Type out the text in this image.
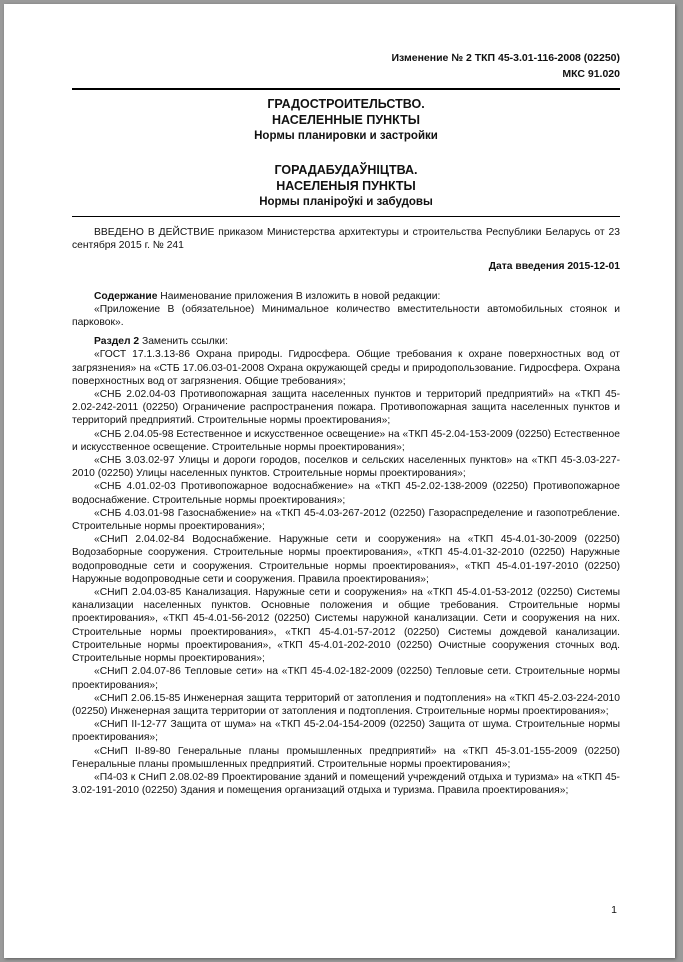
Изменение № 2 ТКП 45-3.01-116-2008 (02250)
МКС 91.020
ГРАДОСТРОИТЕЛЬСТВО.
НАСЕЛЕННЫЕ ПУНКТЫ
Нормы планировки и застройки
ГОРАДАБУДАЎНІЦТВА.
НАСЕЛЕНЫЯ ПУНКТЫ
Нормы планіроўкі и забудовы

ВВЕДЕНО В ДЕЙСТВИЕ приказом Министерства архитектуры и строительства Республики Беларусь от 23 сентября 2015 г. № 241

Дата введения 2015-12-01

Содержание Наименование приложения В изложить в новой редакции:

«Приложение В (обязательное) Минимальное количество вместительности автомобильных стоянок и парковок».

Раздел 2 Заменить ссылки:

«ГОСТ 17.1.3.13-86 Охрана природы. Гидросфера. Общие требования к охране поверхностных вод от загрязнения» на «СТБ 17.06.03-01-2008 Охрана окружающей среды и природопользование. Гидросфера. Охрана поверхностных вод от загрязнения. Общие требования»;

«СНБ 2.02.04-03 Противопожарная защита населенных пунктов и территорий предприятий» на «ТКП 45-2.02-242-2011 (02250) Ограничение распространения пожара. Противопожарная защита населенных пунктов и территорий предприятий. Строительные нормы проектирования»;

«СНБ 2.04.05-98 Естественное и искусственное освещение» на «ТКП 45-2.04-153-2009 (02250) Естественное и искусственное освещение. Строительные нормы проектирования»;

«СНБ 3.03.02-97 Улицы и дороги городов, поселков и сельских населенных пунктов» на «ТКП 45-3.03-227-2010 (02250) Улицы населенных пунктов. Строительные нормы проектирования»;

«СНБ 4.01.02-03 Противопожарное водоснабжение» на «ТКП 45-2.02-138-2009 (02250) Противопожарное водоснабжение. Строительные нормы проектирования»;

«СНБ 4.03.01-98 Газоснабжение» на «ТКП 45-4.03-267-2012 (02250) Газораспределение и газопотребление. Строительные нормы проектирования»;

«СНиП 2.04.02-84 Водоснабжение. Наружные сети и сооружения» на «ТКП 45-4.01-30-2009 (02250) Водозаборные сооружения. Строительные нормы проектирования», «ТКП 45-4.01-32-2010 (02250) Наружные водопроводные сети и сооружения. Строительные нормы проектирования», «ТКП 45-4.01-197-2010 (02250) Наружные водопроводные сети и сооружения. Правила проектирования»;

«СНиП 2.04.03-85 Канализация. Наружные сети и сооружения» на «ТКП 45-4.01-53-2012 (02250) Системы канализации населенных пунктов. Основные положения и общие требования. Строительные нормы проектирования», «ТКП 45-4.01-56-2012 (02250) Системы наружной канализации. Сети и сооружения на них. Строительные нормы проектирования», «ТКП 45-4.01-57-2012 (02250) Системы дождевой канализации. Строительные нормы проектирования», «ТКП 45-4.01-202-2010 (02250) Очистные сооружения сточных вод. Строительные нормы проектирования»;

«СНиП 2.04.07-86 Тепловые сети» на «ТКП 45-4.02-182-2009 (02250) Тепловые сети. Строительные нормы проектирования»;

«СНиП 2.06.15-85 Инженерная защита территорий от затопления и подтопления» на «ТКП 45-2.03-224-2010 (02250) Инженерная защита территории от затопления и подтопления. Строительные нормы проектирования»;

«СНиП II-12-77 Защита от шума» на «ТКП 45-2.04-154-2009 (02250) Защита от шума. Строительные нормы проектирования»;

«СНиП II-89-80 Генеральные планы промышленных предприятий» на «ТКП 45-3.01-155-2009 (02250) Генеральные планы промышленных предприятий. Строительные нормы проектирования»;

«П4-03 к СНиП 2.08.02-89 Проектирование зданий и помещений учреждений отдыха и туризма» на «ТКП 45-3.02-191-2010 (02250) Здания и помещения организаций отдыха и туризма. Правила проектирования»;

1
